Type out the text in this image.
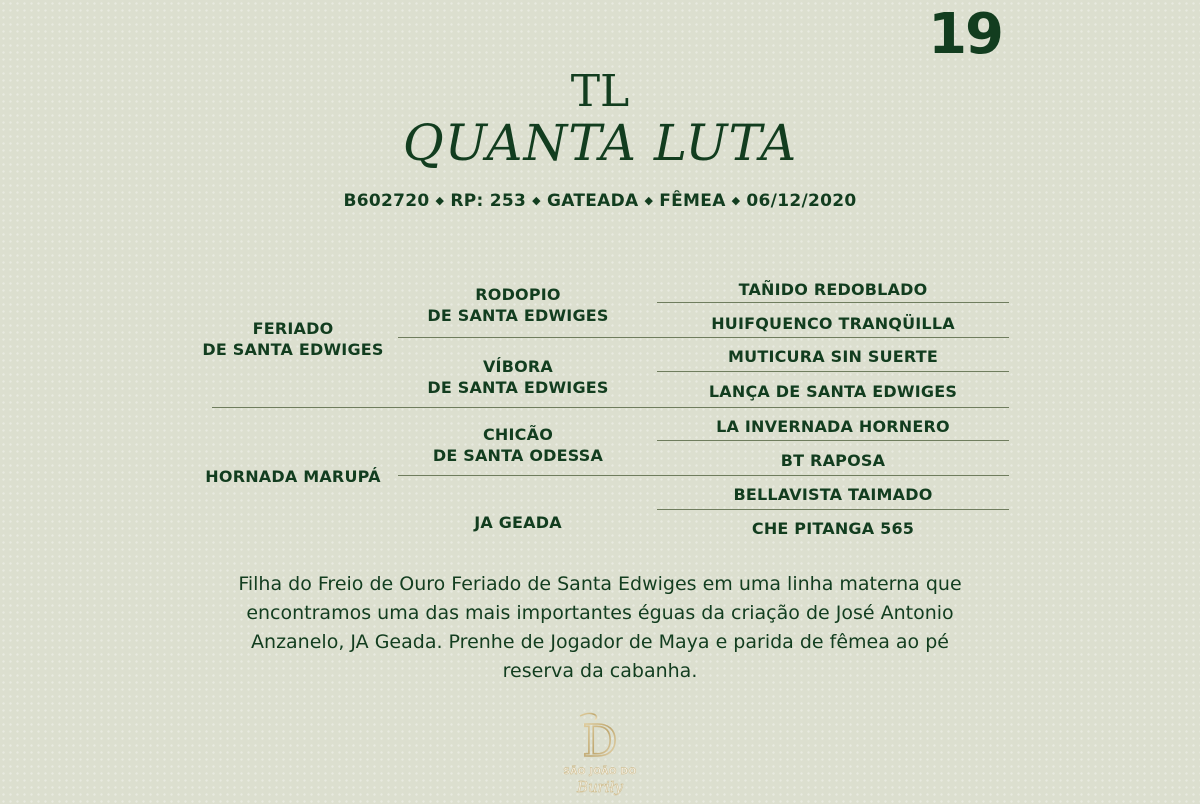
19
TL
QUANTA LUTA
B602720 ◆ RP: 253 ◆ GATEADA ◆ FÊMEA ◆ 06/12/2020
FERIADO
DE SANTA EDWIGES
HORNADA MARUPÁ
RODOPIO
DE SANTA EDWIGES
VÍBORA
DE SANTA EDWIGES
CHICÃO
DE SANTA ODESSA
JA GEADA
TAÑIDO REDOBLADO
HUIFQUENCO TRANQÜILLA
MUTICURA SIN SUERTE
LANÇA DE SANTA EDWIGES
LA INVERNADA HORNERO
BT RAPOSA
BELLAVISTA TAIMADO
CHE PITANGA 565
Filha do Freio de Ouro Feriado de Santa Edwiges em uma linha materna que encontramos uma das mais importantes éguas da criação de José Antonio Anzanelo, JA Geada. Prenhe de Jogador de Maya e parida de fêmea ao pé reserva da cabanha.
D
SÃO JOÃO DO
Buriły
